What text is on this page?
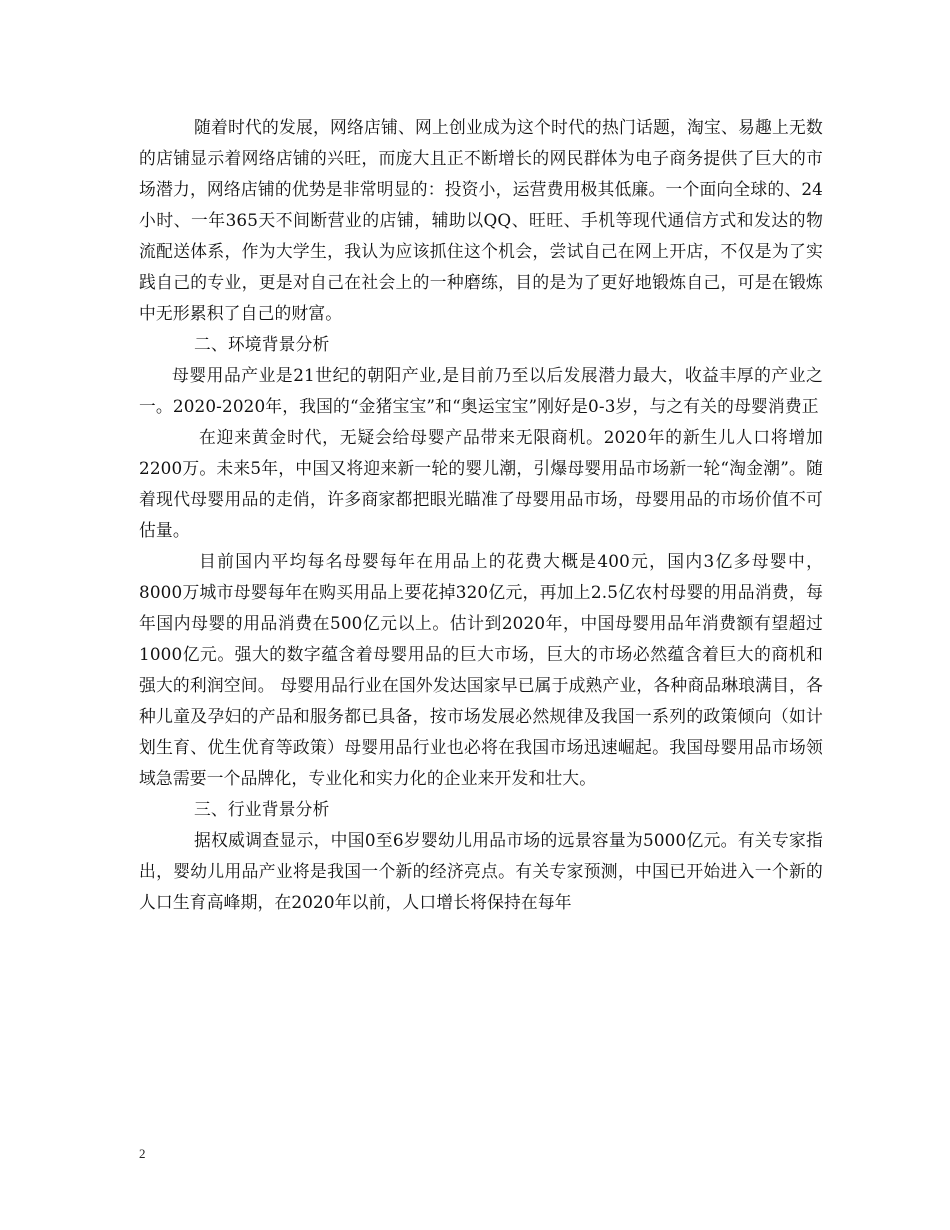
随着时代的发展，网络店铺、网上创业成为这个时代的热门话题，淘宝、易趣上无数的店铺显示着网络店铺的兴旺，而庞大且正不断增长的网民群体为电子商务提供了巨大的市场潜力，网络店铺的优势是非常明显的：投资小，运营费用极其低廉。一个面向全球的、24小时、一年365天不间断营业的店铺，辅助以QQ、旺旺、手机等现代通信方式和发达的物流配送体系，作为大学生，我认为应该抓住这个机会，尝试自己在网上开店，不仅是为了实践自己的专业，更是对自己在社会上的一种磨练，目的是为了更好地锻炼自己，可是在锻炼中无形累积了自己的财富。

二、环境背景分析

母婴用品产业是21世纪的朝阳产业,是目前乃至以后发展潜力最大，收益丰厚的产业之一。2020-2020年，我国的“金猪宝宝”和“奥运宝宝”刚好是0-3岁，与之有关的母婴消费正

在迎来黄金时代，无疑会给母婴产品带来无限商机。2020年的新生儿人口将增加2200万。未来5年，中国又将迎来新一轮的婴儿潮，引爆母婴用品市场新一轮“淘金潮”。随着现代母婴用品的走俏，许多商家都把眼光瞄准了母婴用品市场，母婴用品的市场价值不可估量。

目前国内平均每名母婴每年在用品上的花费大概是400元，国内3亿多母婴中，8000万城市母婴每年在购买用品上要花掉320亿元，再加上2.5亿农村母婴的用品消费，每年国内母婴的用品消费在500亿元以上。估计到2020年，中国母婴用品年消费额有望超过1000亿元。强大的数字蕴含着母婴用品的巨大市场，巨大的市场必然蕴含着巨大的商机和强大的利润空间。 母婴用品行业在国外发达国家早已属于成熟产业，各种商品琳琅满目，各种儿童及孕妇的产品和服务都已具备，按市场发展必然规律及我国一系列的政策倾向（如计划生育、优生优育等政策）母婴用品行业也必将在我国市场迅速崛起。我国母婴用品市场领域急需要一个品牌化，专业化和实力化的企业来开发和壮大。

三、行业背景分析

据权威调查显示，中国0至6岁婴幼儿用品市场的远景容量为5000亿元。有关专家指出，婴幼儿用品产业将是我国一个新的经济亮点。有关专家预测，中国已开始进入一个新的人口生育高峰期，在2020年以前，人口增长将保持在每年

2
